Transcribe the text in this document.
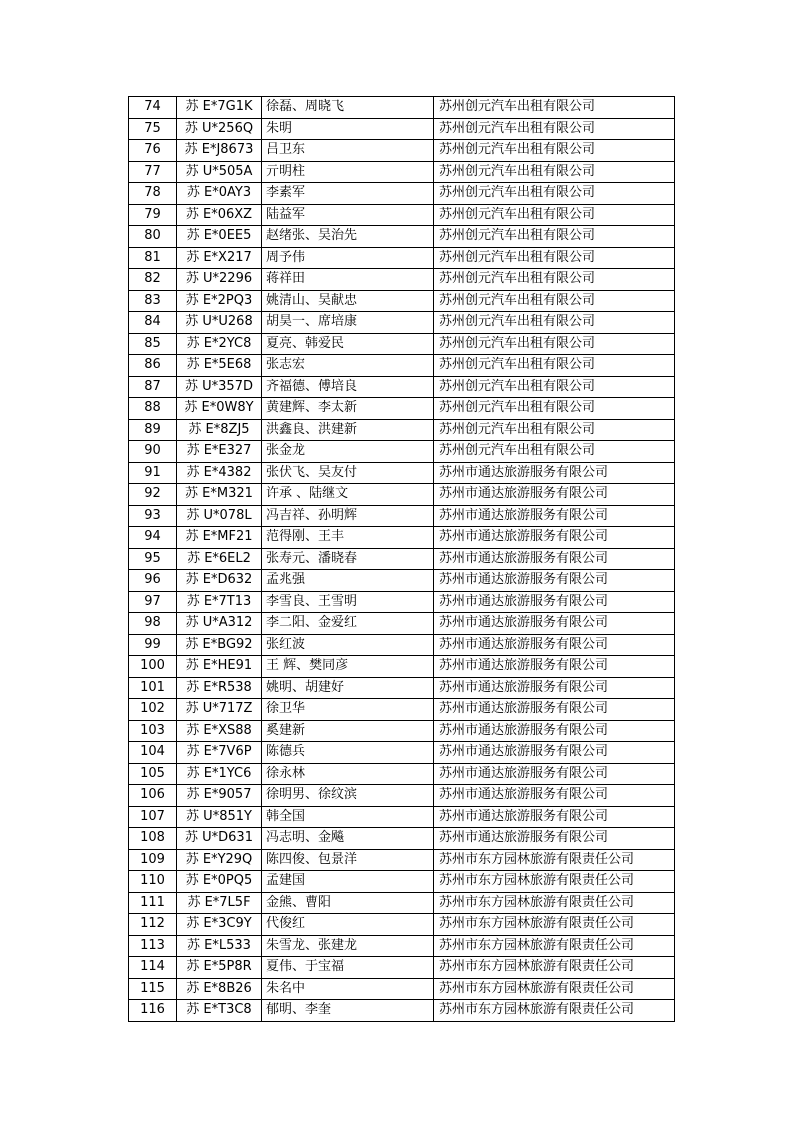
74	苏 E*7G1K	徐磊、周晓飞	苏州创元汽车出租有限公司
75	苏 U*256Q	朱明	苏州创元汽车出租有限公司
76	苏 E*J8673	吕卫东	苏州创元汽车出租有限公司
77	苏 U*505A	亓明柱	苏州创元汽车出租有限公司
78	苏 E*0AY3	李素军	苏州创元汽车出租有限公司
79	苏 E*06XZ	陆益军	苏州创元汽车出租有限公司
80	苏 E*0EE5	赵绪张、吴治先	苏州创元汽车出租有限公司
81	苏 E*X217	周予伟	苏州创元汽车出租有限公司
82	苏 U*2296	蒋祥田	苏州创元汽车出租有限公司
83	苏 E*2PQ3	姚清山、吴献忠	苏州创元汽车出租有限公司
84	苏 U*U268	胡昊一、席培康	苏州创元汽车出租有限公司
85	苏 E*2YC8	夏亮、韩爱民	苏州创元汽车出租有限公司
86	苏 E*5E68	张志宏	苏州创元汽车出租有限公司
87	苏 U*357D	齐福德、傅培良	苏州创元汽车出租有限公司
88	苏 E*0W8Y	黄建辉、李太新	苏州创元汽车出租有限公司
89	苏 E*8ZJ5	洪鑫良、洪建新	苏州创元汽车出租有限公司
90	苏 E*E327	张金龙	苏州创元汽车出租有限公司
91	苏 E*4382	张伏飞、吴友付	苏州市通达旅游服务有限公司
92	苏 E*M321	许承 、陆继文	苏州市通达旅游服务有限公司
93	苏 U*078L	冯吉祥、孙明辉	苏州市通达旅游服务有限公司
94	苏 E*MF21	范得刚、王丰	苏州市通达旅游服务有限公司
95	苏 E*6EL2	张寿元、潘晓春	苏州市通达旅游服务有限公司
96	苏 E*D632	孟兆强	苏州市通达旅游服务有限公司
97	苏 E*7T13	李雪良、王雪明	苏州市通达旅游服务有限公司
98	苏 U*A312	李二阳、金爱红	苏州市通达旅游服务有限公司
99	苏 E*BG92	张红波	苏州市通达旅游服务有限公司
100	苏 E*HE91	王 辉、樊同彦	苏州市通达旅游服务有限公司
101	苏 E*R538	姚明、胡建好	苏州市通达旅游服务有限公司
102	苏 U*717Z	徐卫华	苏州市通达旅游服务有限公司
103	苏 E*XS88	奚建新	苏州市通达旅游服务有限公司
104	苏 E*7V6P	陈德兵	苏州市通达旅游服务有限公司
105	苏 E*1YC6	徐永林	苏州市通达旅游服务有限公司
106	苏 E*9057	徐明男、徐纹滨	苏州市通达旅游服务有限公司
107	苏 U*851Y	韩全国	苏州市通达旅游服务有限公司
108	苏 U*D631	冯志明、金飚	苏州市通达旅游服务有限公司
109	苏 E*Y29Q	陈四俊、包景洋	苏州市东方园林旅游有限责任公司
110	苏 E*0PQ5	孟建国	苏州市东方园林旅游有限责任公司
111	苏 E*7L5F	金熊、曹阳	苏州市东方园林旅游有限责任公司
112	苏 E*3C9Y	代俊红	苏州市东方园林旅游有限责任公司
113	苏 E*L533	朱雪龙、张建龙	苏州市东方园林旅游有限责任公司
114	苏 E*5P8R	夏伟、于宝福	苏州市东方园林旅游有限责任公司
115	苏 E*8B26	朱名中	苏州市东方园林旅游有限责任公司
116	苏 E*T3C8	郁明、李奎	苏州市东方园林旅游有限责任公司
